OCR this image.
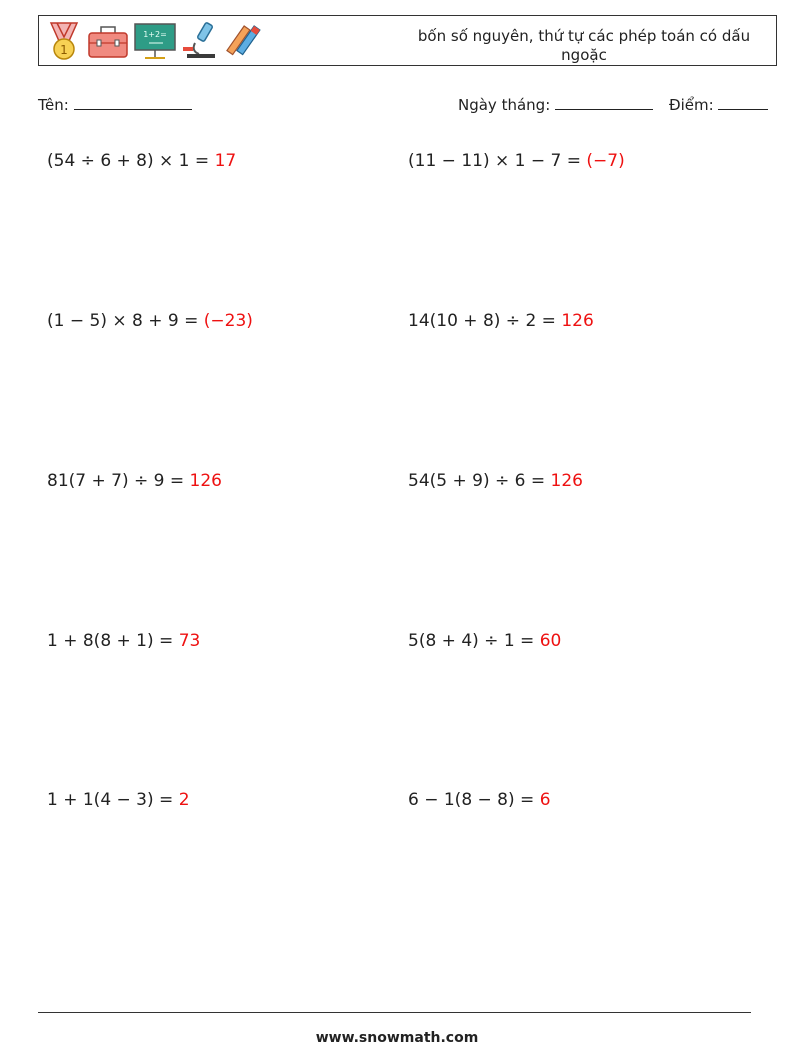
1
1+2=	bốn số nguyên, thứ tự các phép toán có dấu ngoặc
Tên:	Ngày tháng:	Điểm:
(54 ÷ 6 + 8) × 1 = 17	(11 − 11) × 1 − 7 = (−7)
(1 − 5) × 8 + 9 = (−23)	14(10 + 8) ÷ 2 = 126
81(7 + 7) ÷ 9 = 126	54(5 + 9) ÷ 6 = 126
1 + 8(8 + 1) = 73	5(8 + 4) ÷ 1 = 60
1 + 1(4 − 3) = 2	6 − 1(8 − 8) = 6
www.snowmath.com
